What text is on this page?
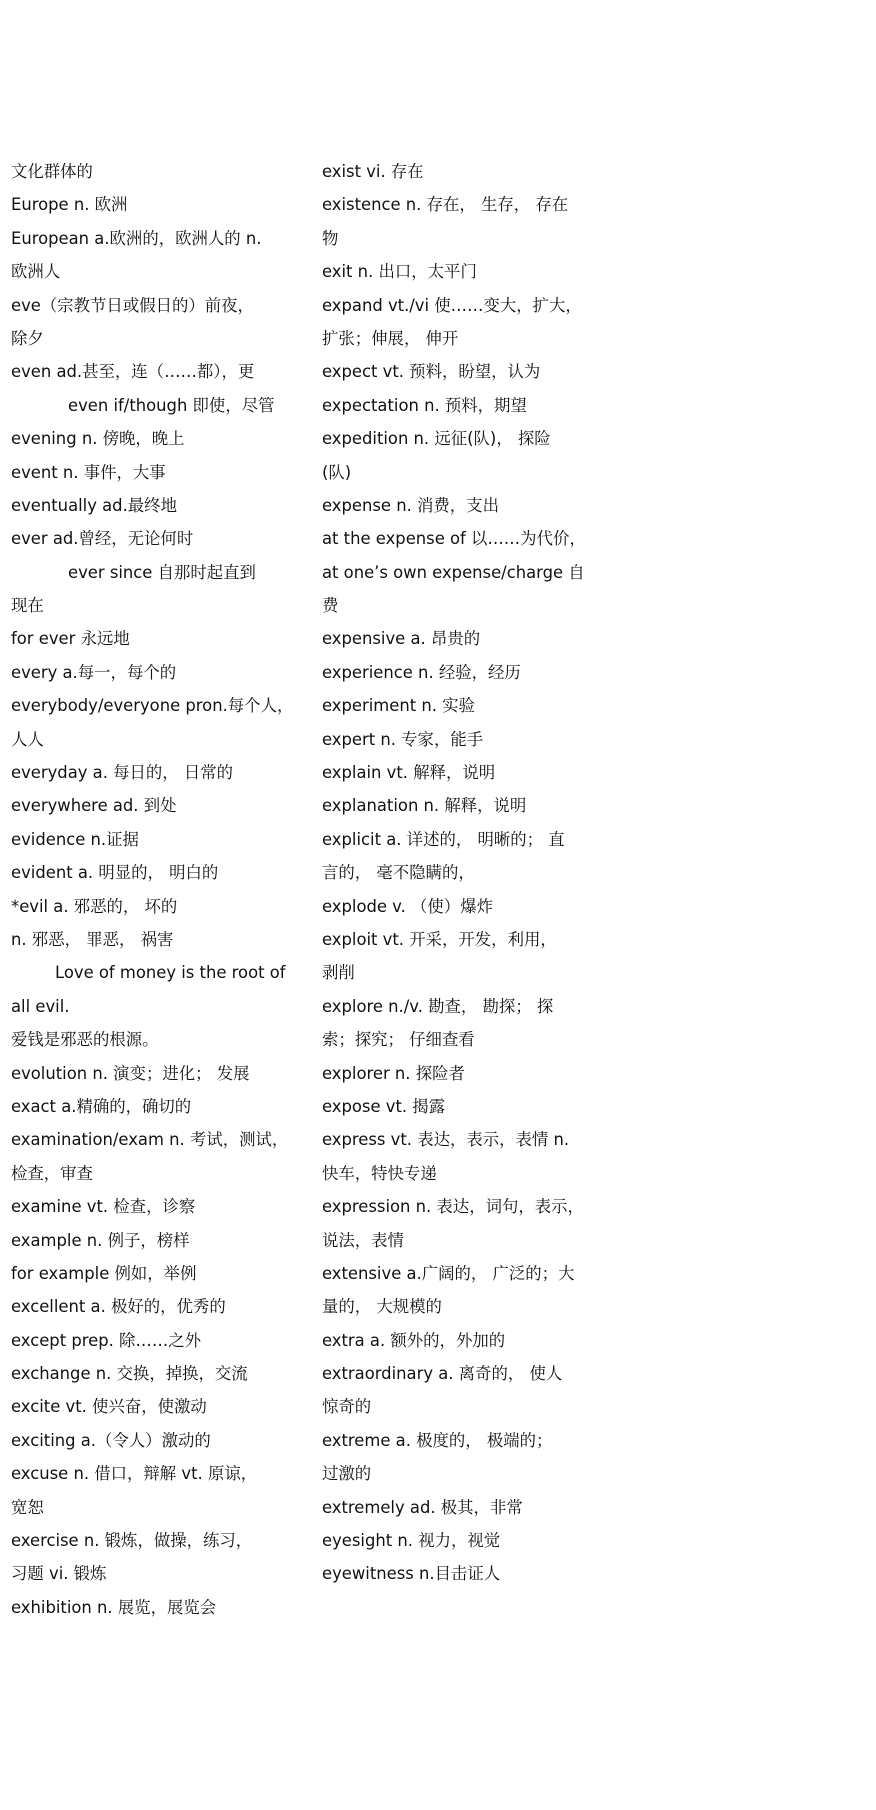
文化群体的
Europe n. 欧洲
European a.欧洲的，欧洲人的 n.
欧洲人
eve（宗教节日或假日的）前夜，
除夕
even ad.甚至，连（……都），更
even if/though 即使，尽管
evening n. 傍晚，晚上
event n. 事件，大事
eventually ad.最终地
ever ad.曾经，无论何时
ever since 自那时起直到
现在
for ever 永远地
every a.每一，每个的
everybody/everyone pron.每个人，
人人
everyday a. 每日的， 日常的
everywhere ad. 到处
evidence n.证据
evident a. 明显的， 明白的
*evil a. 邪恶的， 坏的
n. 邪恶， 罪恶， 祸害
Love of money is the root of
all evil.
爱钱是邪恶的根源。
evolution n. 演变；进化； 发展
exact a.精确的，确切的
examination/exam n. 考试，测试，
检查，审查
examine vt. 检查，诊察
example n. 例子，榜样
for example 例如，举例
excellent a. 极好的，优秀的
except prep. 除……之外
exchange n. 交换，掉换，交流
excite vt. 使兴奋，使激动
exciting a.（令人）激动的
excuse n. 借口，辩解 vt. 原谅，
宽恕
exercise n. 锻炼，做操，练习，
习题 vi. 锻炼
exhibition n. 展览，展览会
exist vi. 存在
existence n. 存在， 生存， 存在
物
exit n. 出口，太平门
expand vt./vi 使……变大，扩大，
扩张；伸展， 伸开
expect vt. 预料，盼望，认为
expectation n. 预料，期望
expedition n. 远征(队)， 探险
(队)
expense n. 消费，支出
at the expense of 以……为代价，
at one’s own expense/charge 自
费
expensive a. 昂贵的
experience n. 经验，经历
experiment n. 实验
expert n. 专家，能手
explain vt. 解释，说明
explanation n. 解释，说明
explicit a. 详述的， 明晰的； 直
言的， 毫不隐瞒的，
explode v. （使）爆炸
exploit vt. 开采，开发，利用，
剥削
explore n./v. 勘查， 勘探； 探
索；探究； 仔细查看
explorer n. 探险者
expose vt. 揭露
express vt. 表达，表示，表情 n.
快车，特快专递
expression n. 表达，词句，表示，
说法，表情
extensive a.广阔的， 广泛的；大
量的， 大规模的
extra a. 额外的，外加的
extraordinary a. 离奇的， 使人
惊奇的
extreme a. 极度的， 极端的；
过激的
extremely ad. 极其，非常
eyesight n. 视力，视觉
eyewitness n.目击证人
